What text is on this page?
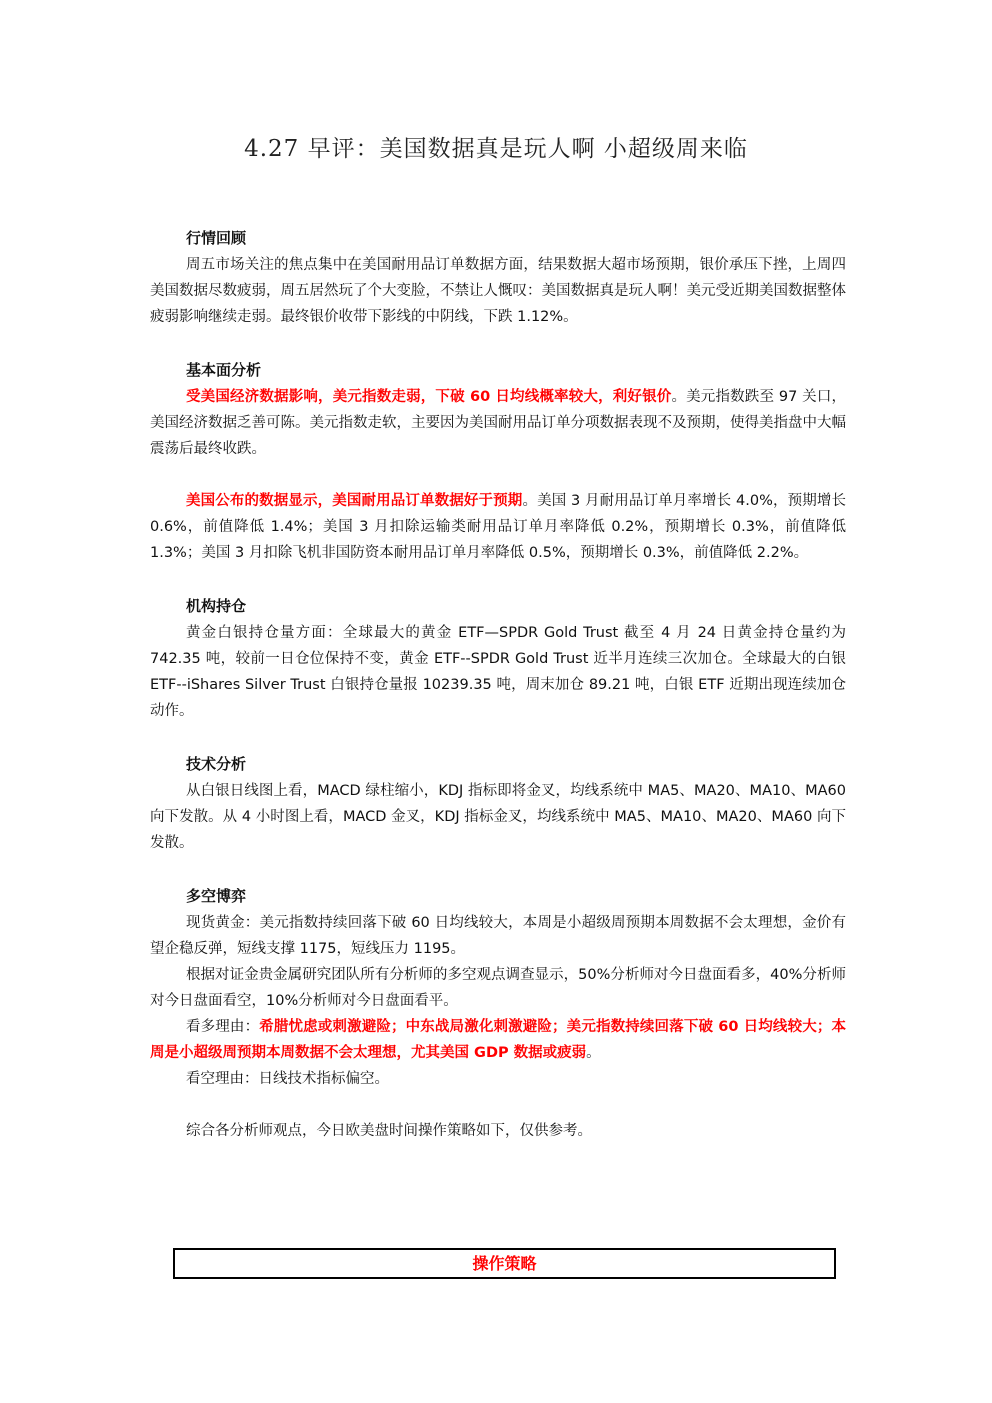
4.27 早评：美国数据真是玩人啊 小超级周来临

行情回顾

周五市场关注的焦点集中在美国耐用品订单数据方面，结果数据大超市场预期，银价承压下挫，上周四美国数据尽数疲弱，周五居然玩了个大变脸，不禁让人慨叹：美国数据真是玩人啊！美元受近期美国数据整体疲弱影响继续走弱。最终银价收带下影线的中阴线，下跌 1.12%。

基本面分析

受美国经济数据影响，美元指数走弱，下破 60 日均线概率较大，利好银价。美元指数跌至 97 关口，美国经济数据乏善可陈。美元指数走软，主要因为美国耐用品订单分项数据表现不及预期，使得美指盘中大幅震荡后最终收跌。

美国公布的数据显示，美国耐用品订单数据好于预期。美国 3 月耐用品订单月率增长 4.0%，预期增长 0.6%，前值降低 1.4%；美国 3 月扣除运输类耐用品订单月率降低 0.2%，预期增长 0.3%，前值降低 1.3%；美国 3 月扣除飞机非国防资本耐用品订单月率降低 0.5%，预期增长 0.3%，前值降低 2.2%。

机构持仓

黄金白银持仓量方面：全球最大的黄金 ETF—SPDR Gold Trust 截至 4 月 24 日黄金持仓量约为 742.35 吨，较前一日仓位保持不变，黄金 ETF--SPDR Gold Trust 近半月连续三次加仓。全球最大的白银 ETF--iShares Silver Trust 白银持仓量报 10239.35 吨，周末加仓 89.21 吨，白银 ETF 近期出现连续加仓动作。

技术分析

从白银日线图上看，MACD 绿柱缩小，KDJ 指标即将金叉，均线系统中 MA5、MA20、MA10、MA60 向下发散。从 4 小时图上看，MACD 金叉，KDJ 指标金叉，均线系统中 MA5、MA10、MA20、MA60 向下发散。

多空博弈

现货黄金：美元指数持续回落下破 60 日均线较大，本周是小超级周预期本周数据不会太理想，金价有望企稳反弹，短线支撑 1175，短线压力 1195。

根据对证金贵金属研究团队所有分析师的多空观点调查显示，50%分析师对今日盘面看多，40%分析师对今日盘面看空，10%分析师对今日盘面看平。

看多理由：希腊忧虑或刺激避险；中东战局激化刺激避险；美元指数持续回落下破 60 日均线较大；本周是小超级周预期本周数据不会太理想，尤其美国 GDP 数据或疲弱。

看空理由：日线技术指标偏空。

综合各分析师观点，今日欧美盘时间操作策略如下，仅供参考。

操作策略
